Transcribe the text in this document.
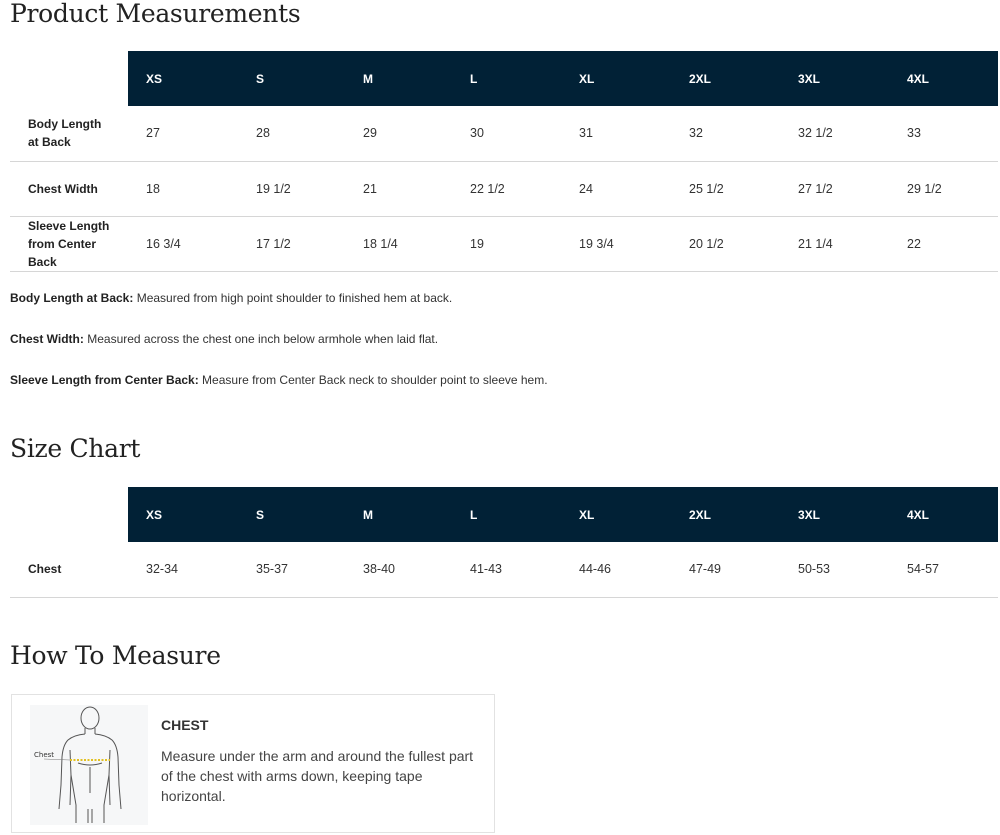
Product Measurements
	XS	S	M	L	XL	2XL	3XL	4XL
Body Length at Back	27	28	29	30	31	32	32 1/2	33
Chest Width	18	19 1/2	21	22 1/2	24	25 1/2	27 1/2	29 1/2
Sleeve Length from Center Back	16 3/4	17 1/2	18 1/4	19	19 3/4	20 1/2	21 1/4	22

Body Length at Back: Measured from high point shoulder to finished hem at back.

Chest Width: Measured across the chest one inch below armhole when laid flat.

Sleeve Length from Center Back: Measure from Center Back neck to shoulder point to sleeve hem.

Size Chart
	XS	S	M	L	XL	2XL	3XL	4XL
Chest	32-34	35-37	38-40	41-43	44-46	47-49	50-53	54-57
How To Measure
Chest
CHEST
Measure under the arm and around the fullest part of the chest with arms down, keeping tape horizontal.
